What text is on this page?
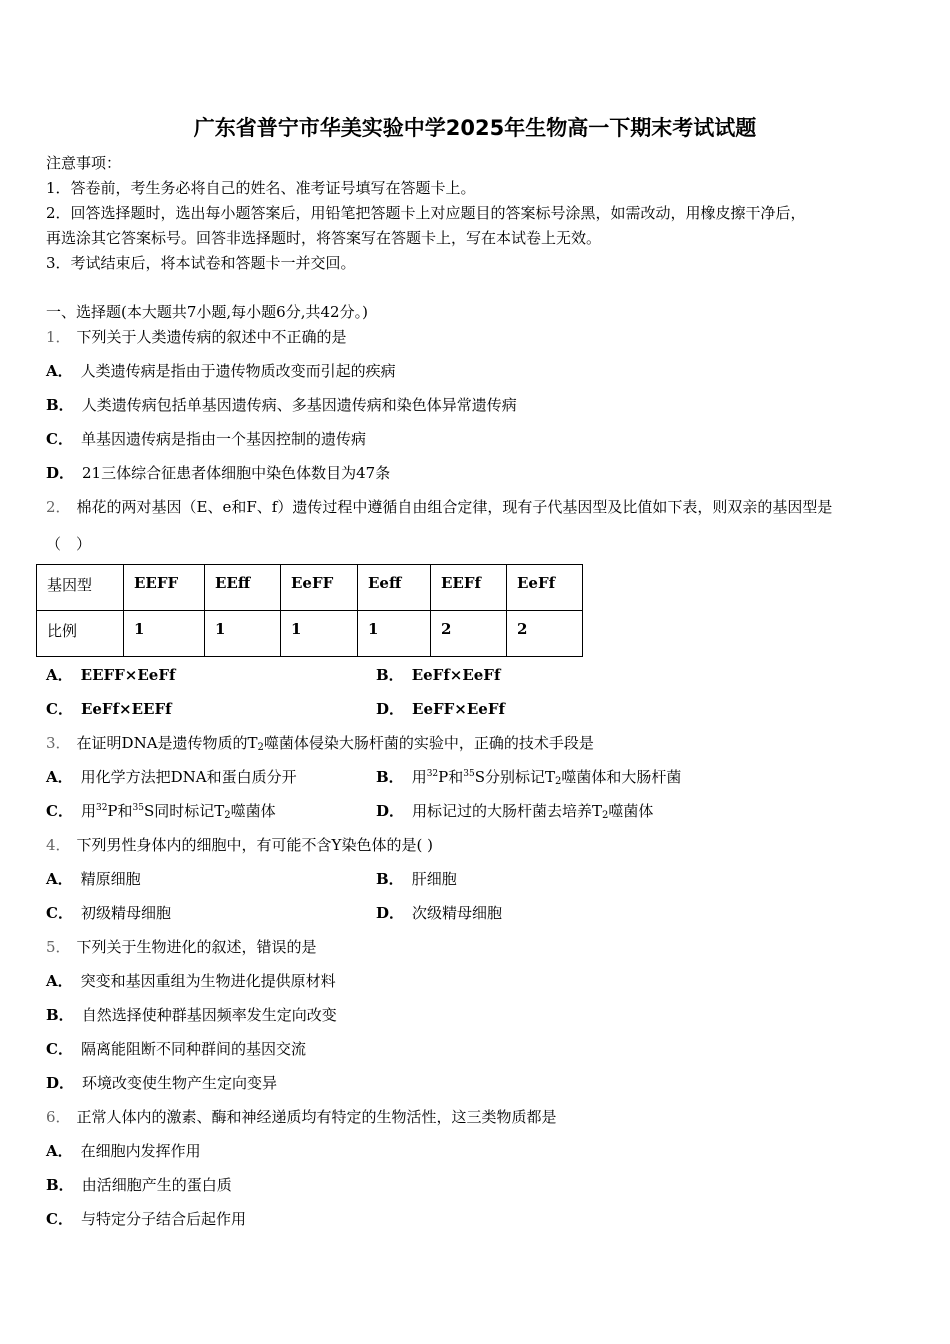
广东省普宁市华美实验中学2025年生物高一下期末考试试题
注意事项：
1．答卷前，考生务必将自己的姓名、准考证号填写在答题卡上。
2．回答选择题时，选出每小题答案后，用铅笔把答题卡上对应题目的答案标号涂黑，如需改动，用橡皮擦干净后，
再选涂其它答案标号。回答非选择题时，将答案写在答题卡上，写在本试卷上无效。
3．考试结束后，将本试卷和答题卡一并交回。
一、选择题(本大题共7小题,每小题6分,共42分。)
1． 下列关于人类遗传病的叙述中不正确的是
A． 人类遗传病是指由于遗传物质改变而引起的疾病
B． 人类遗传病包括单基因遗传病、多基因遗传病和染色体异常遗传病
C． 单基因遗传病是指由一个基因控制的遗传病
D． 21三体综合征患者体细胞中染色体数目为47条
2． 棉花的两对基因（E、e和F、f）遗传过程中遵循自由组合定律，现有子代基因型及比值如下表，则双亲的基因型是
（　）
基因型	EEFF	EEff	EeFF	Eeff	EEFf	EeFf
比例	1	1	1	1	2	2
A． EEFF×EeFf	B． EeFf×EeFf
C． EeFf×EEFf	D． EeFF×EeFf
3． 在证明DNA是遗传物质的$T_2$噬菌体侵染大肠杆菌的实验中，正确的技术手段是
A． 用化学方法把DNA和蛋白质分开	B． 用$^{32}$P和$^{35}$S分别标记$T_2$噬菌体和大肠杆菌
C． 用$^{32}$P和$^{35}$S同时标记$T_2$噬菌体	D． 用标记过的大肠杆菌去培养$T_2$噬菌体
4． 下列男性身体内的细胞中，有可能不含Y染色体的是( )
A． 精原细胞	B． 肝细胞
C． 初级精母细胞	D． 次级精母细胞
5． 下列关于生物进化的叙述，错误的是
A． 突变和基因重组为生物进化提供原材料
B． 自然选择使种群基因频率发生定向改变
C． 隔离能阻断不同种群间的基因交流
D． 环境改变使生物产生定向变异
6． 正常人体内的激素、酶和神经递质均有特定的生物活性，这三类物质都是
A． 在细胞内发挥作用
B． 由活细胞产生的蛋白质
C． 与特定分子结合后起作用
